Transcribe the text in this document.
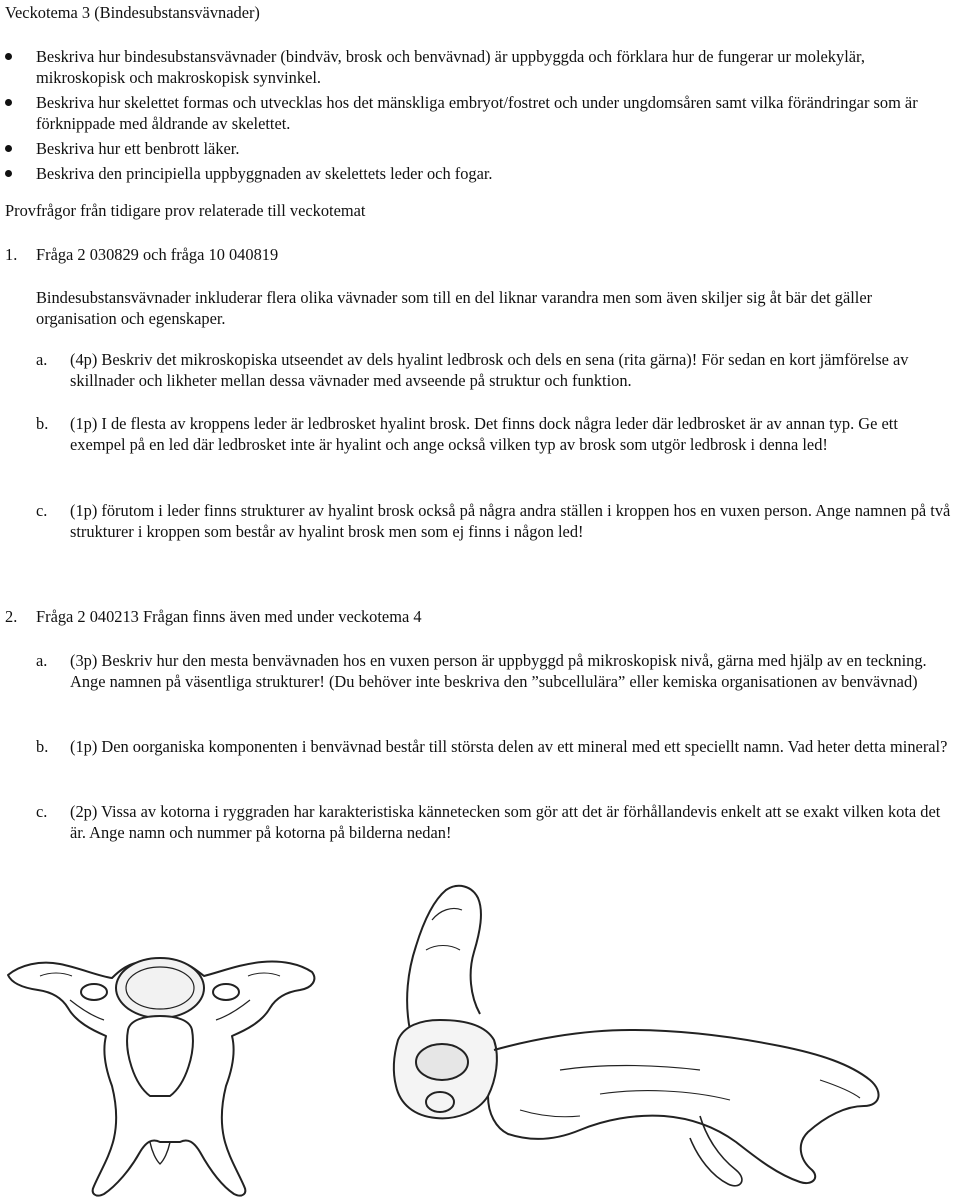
Veckotema 3 (Bindesubstansvävnader)
Beskriva hur bindesubstansvävnader (bindväv, brosk och benvävnad) är uppbyggda och förklara hur de fungerar ur molekylär, mikroskopisk och makroskopisk synvinkel.
Beskriva hur skelettet formas och utvecklas hos det mänskliga embryot/fostret och under ungdomsåren samt vilka förändringar som är förknippade med åldrande av skelettet.
Beskriva hur ett benbrott läker.
Beskriva den principiella uppbyggnaden av skelettets leder och fogar.

Provfrågor från tidigare prov relaterade till veckotemat

1. Fråga 2 030829 och fråga 10 040819

Bindesubstansvävnader inkluderar flera olika vävnader som till en del liknar varandra men som även skiljer sig åt bär det gäller organisation och egenskaper.

a. (4p) Beskriv det mikroskopiska utseendet av dels hyalint ledbrosk och dels en sena (rita gärna)! För sedan en kort jämförelse av skillnader och likheter mellan dessa vävnader med avseende på struktur och funktion.
b. (1p) I de flesta av kroppens leder är ledbrosket hyalint brosk. Det finns dock några leder där ledbrosket är av annan typ. Ge ett exempel på en led där ledbrosket inte är hyalint och ange också vilken typ av brosk som utgör ledbrosk i denna led!
c. (1p) förutom i leder finns strukturer av hyalint brosk också på några andra ställen i kroppen hos en vuxen person. Ange namnen på två strukturer i kroppen som består av hyalint brosk men som ej finns i någon led!
2. Fråga 2 040213 Frågan finns även med under veckotema 4
a. (3p) Beskriv hur den mesta benvävnaden hos en vuxen person är uppbyggd på mikroskopisk nivå, gärna med hjälp av en teckning. Ange namnen på väsentliga strukturer! (Du behöver inte beskriva den ”subcellulära” eller kemiska organisationen av benvävnad)
b. (1p) Den oorganiska komponenten i benvävnad består till största delen av ett mineral med ett speciellt namn. Vad heter detta mineral?
c. (2p) Vissa av kotorna i ryggraden har karakteristiska kännetecken som gör att det är förhållandevis enkelt att se exakt vilken kota det är. Ange namn och nummer på kotorna på bilderna nedan!
